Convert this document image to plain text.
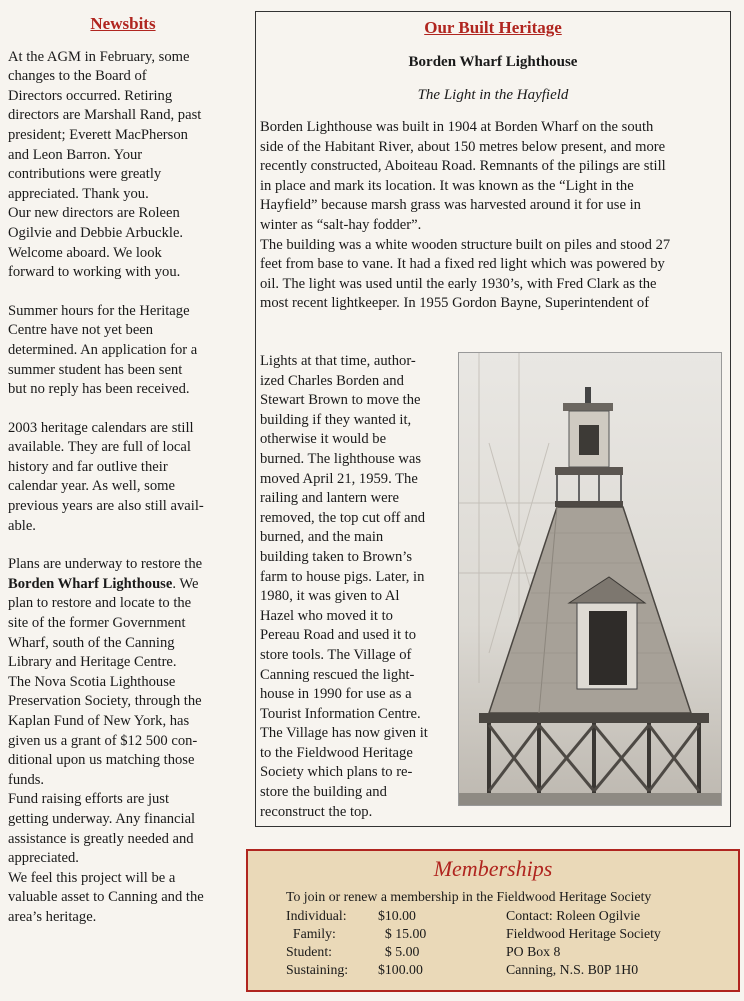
Newsbits

At the AGM in February, some
changes to the Board of
Directors occurred. Retiring
directors are Marshall Rand, past
president; Everett MacPherson
and Leon Barron. Your
contributions were greatly
appreciated. Thank you.
Our new directors are Roleen
Ogilvie and Debbie Arbuckle.
Welcome aboard. We look
forward to working with you.

Summer hours for the Heritage
Centre have not yet been
determined. An application for a
summer student has been sent
but no reply has been received.

2003 heritage calendars are still
available. They are full of local
history and far outlive their
calendar year. As well, some
previous years are also still avail-
able.

Plans are underway to restore the
Borden Wharf Lighthouse. We
plan to restore and locate to the
site of the former Government
Wharf, south of the Canning
Library and Heritage Centre.
The Nova Scotia Lighthouse
Preservation Society, through the
Kaplan Fund of New York, has
given us a grant of $12 500 con-
ditional upon us matching those
funds.
Fund raising efforts are just
getting underway. Any financial
assistance is greatly needed and
appreciated.
We feel this project will be a
valuable asset to Canning and the
area’s heritage.

Our Built Heritage
Borden Wharf Lighthouse
The Light in the Hayfield
Borden Lighthouse was built in 1904 at Borden Wharf on the south
side of the Habitant River, about 150 metres below present, and more
recently constructed, Aboiteau Road. Remnants of the pilings are still
in place and mark its location. It was known as the “Light in the
Hayfield” because marsh grass was harvested around it for use in
winter as “salt-hay fodder”.
The building was a white wooden structure built on piles and stood 27
feet from base to vane. It had a fixed red light which was powered by
oil. The light was used until the early 1930’s, with Fred Clark as the
most recent lightkeeper. In 1955 Gordon Bayne, Superintendent of
Lights at that time, author-
ized Charles Borden and
Stewart Brown to move the
building if they wanted it,
otherwise it would be
burned. The lighthouse was
moved April 21, 1959. The
railing and lantern were
removed, the top cut off and
burned, and the main
building taken to Brown’s
farm to house pigs. Later, in
1980, it was given to Al
Hazel who moved it to
Pereau Road and used it to
store tools. The Village of
Canning rescued the light-
house in 1990 for use as a
Tourist Information Centre.
The Village has now given it
to the Fieldwood Heritage
Society which plans to re-
store the building and
reconstruct the top.
Memberships
To join or renew a membership in the Fieldwood Heritage Society
Individual: $10.00
Family:	$ 15.00
Student:	$ 5.00
Sustaining: $100.00
Contact: Roleen Ogilvie
Fieldwood Heritage Society
PO Box 8
Canning, N.S. B0P 1H0
